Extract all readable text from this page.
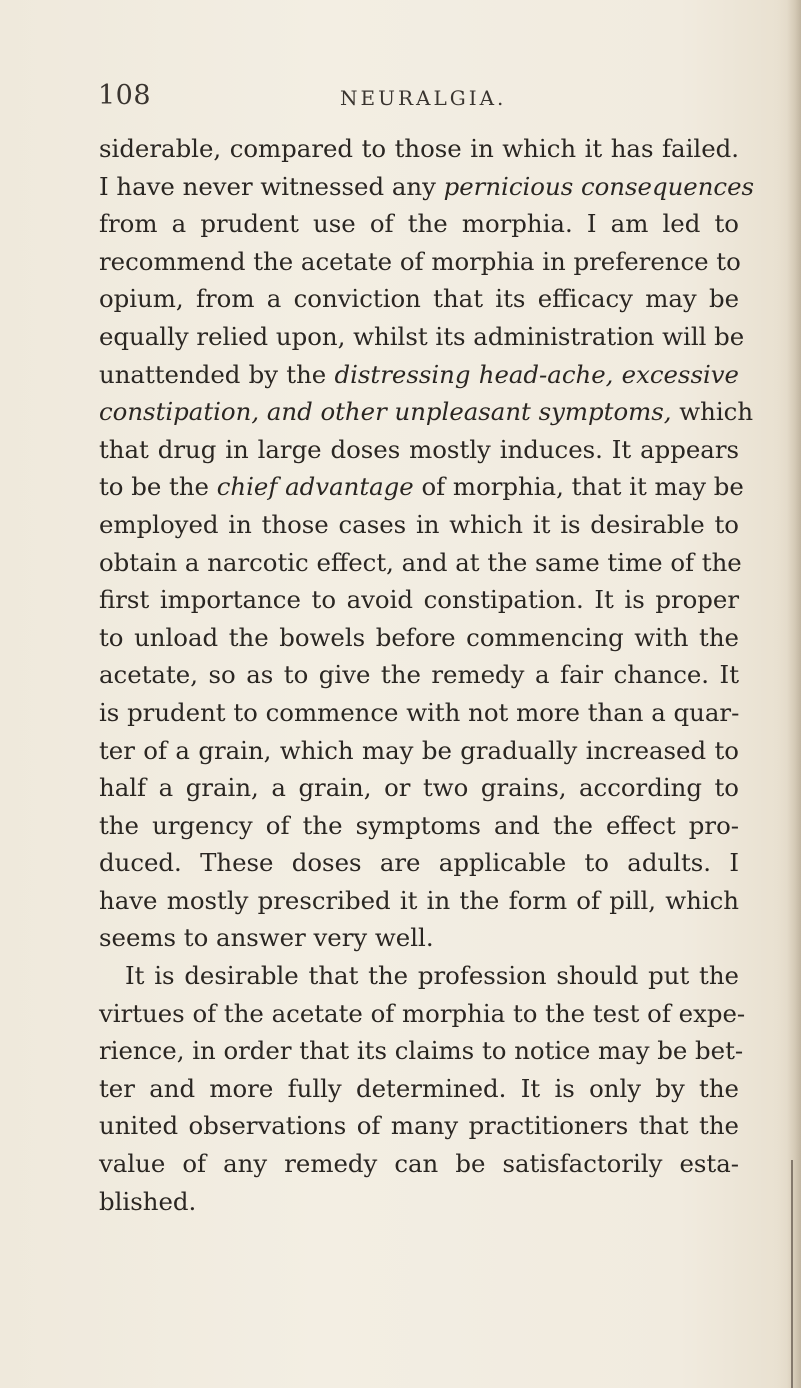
108	NEURALGIA.
siderable, compared to those in which it has failed.
I have never witnessed any pernicious consequences
from a prudent use of the morphia. I am led to
recommend the acetate of morphia in preference to
opium, from a conviction that its efficacy may be
equally relied upon, whilst its administration will be
unattended by the distressing head-ache, excessive
constipation, and other unpleasant symptoms, which
that drug in large doses mostly induces. It appears
to be the chief advantage of morphia, that it may be
employed in those cases in which it is desirable to
obtain a narcotic effect, and at the same time of the
first importance to avoid constipation. It is proper
to unload the bowels before commencing with the
acetate, so as to give the remedy a fair chance. It
is prudent to commence with not more than a quar-
ter of a grain, which may be gradually increased to
half a grain, a grain, or two grains, according to
the urgency of the symptoms and the effect pro-
duced. These doses are applicable to adults. I
have mostly prescribed it in the form of pill, which
seems to answer very well.
It is desirable that the profession should put the
virtues of the acetate of morphia to the test of expe-
rience, in order that its claims to notice may be bet-
ter and more fully determined. It is only by the
united observations of many practitioners that the
value of any remedy can be satisfactorily esta-
blished.
